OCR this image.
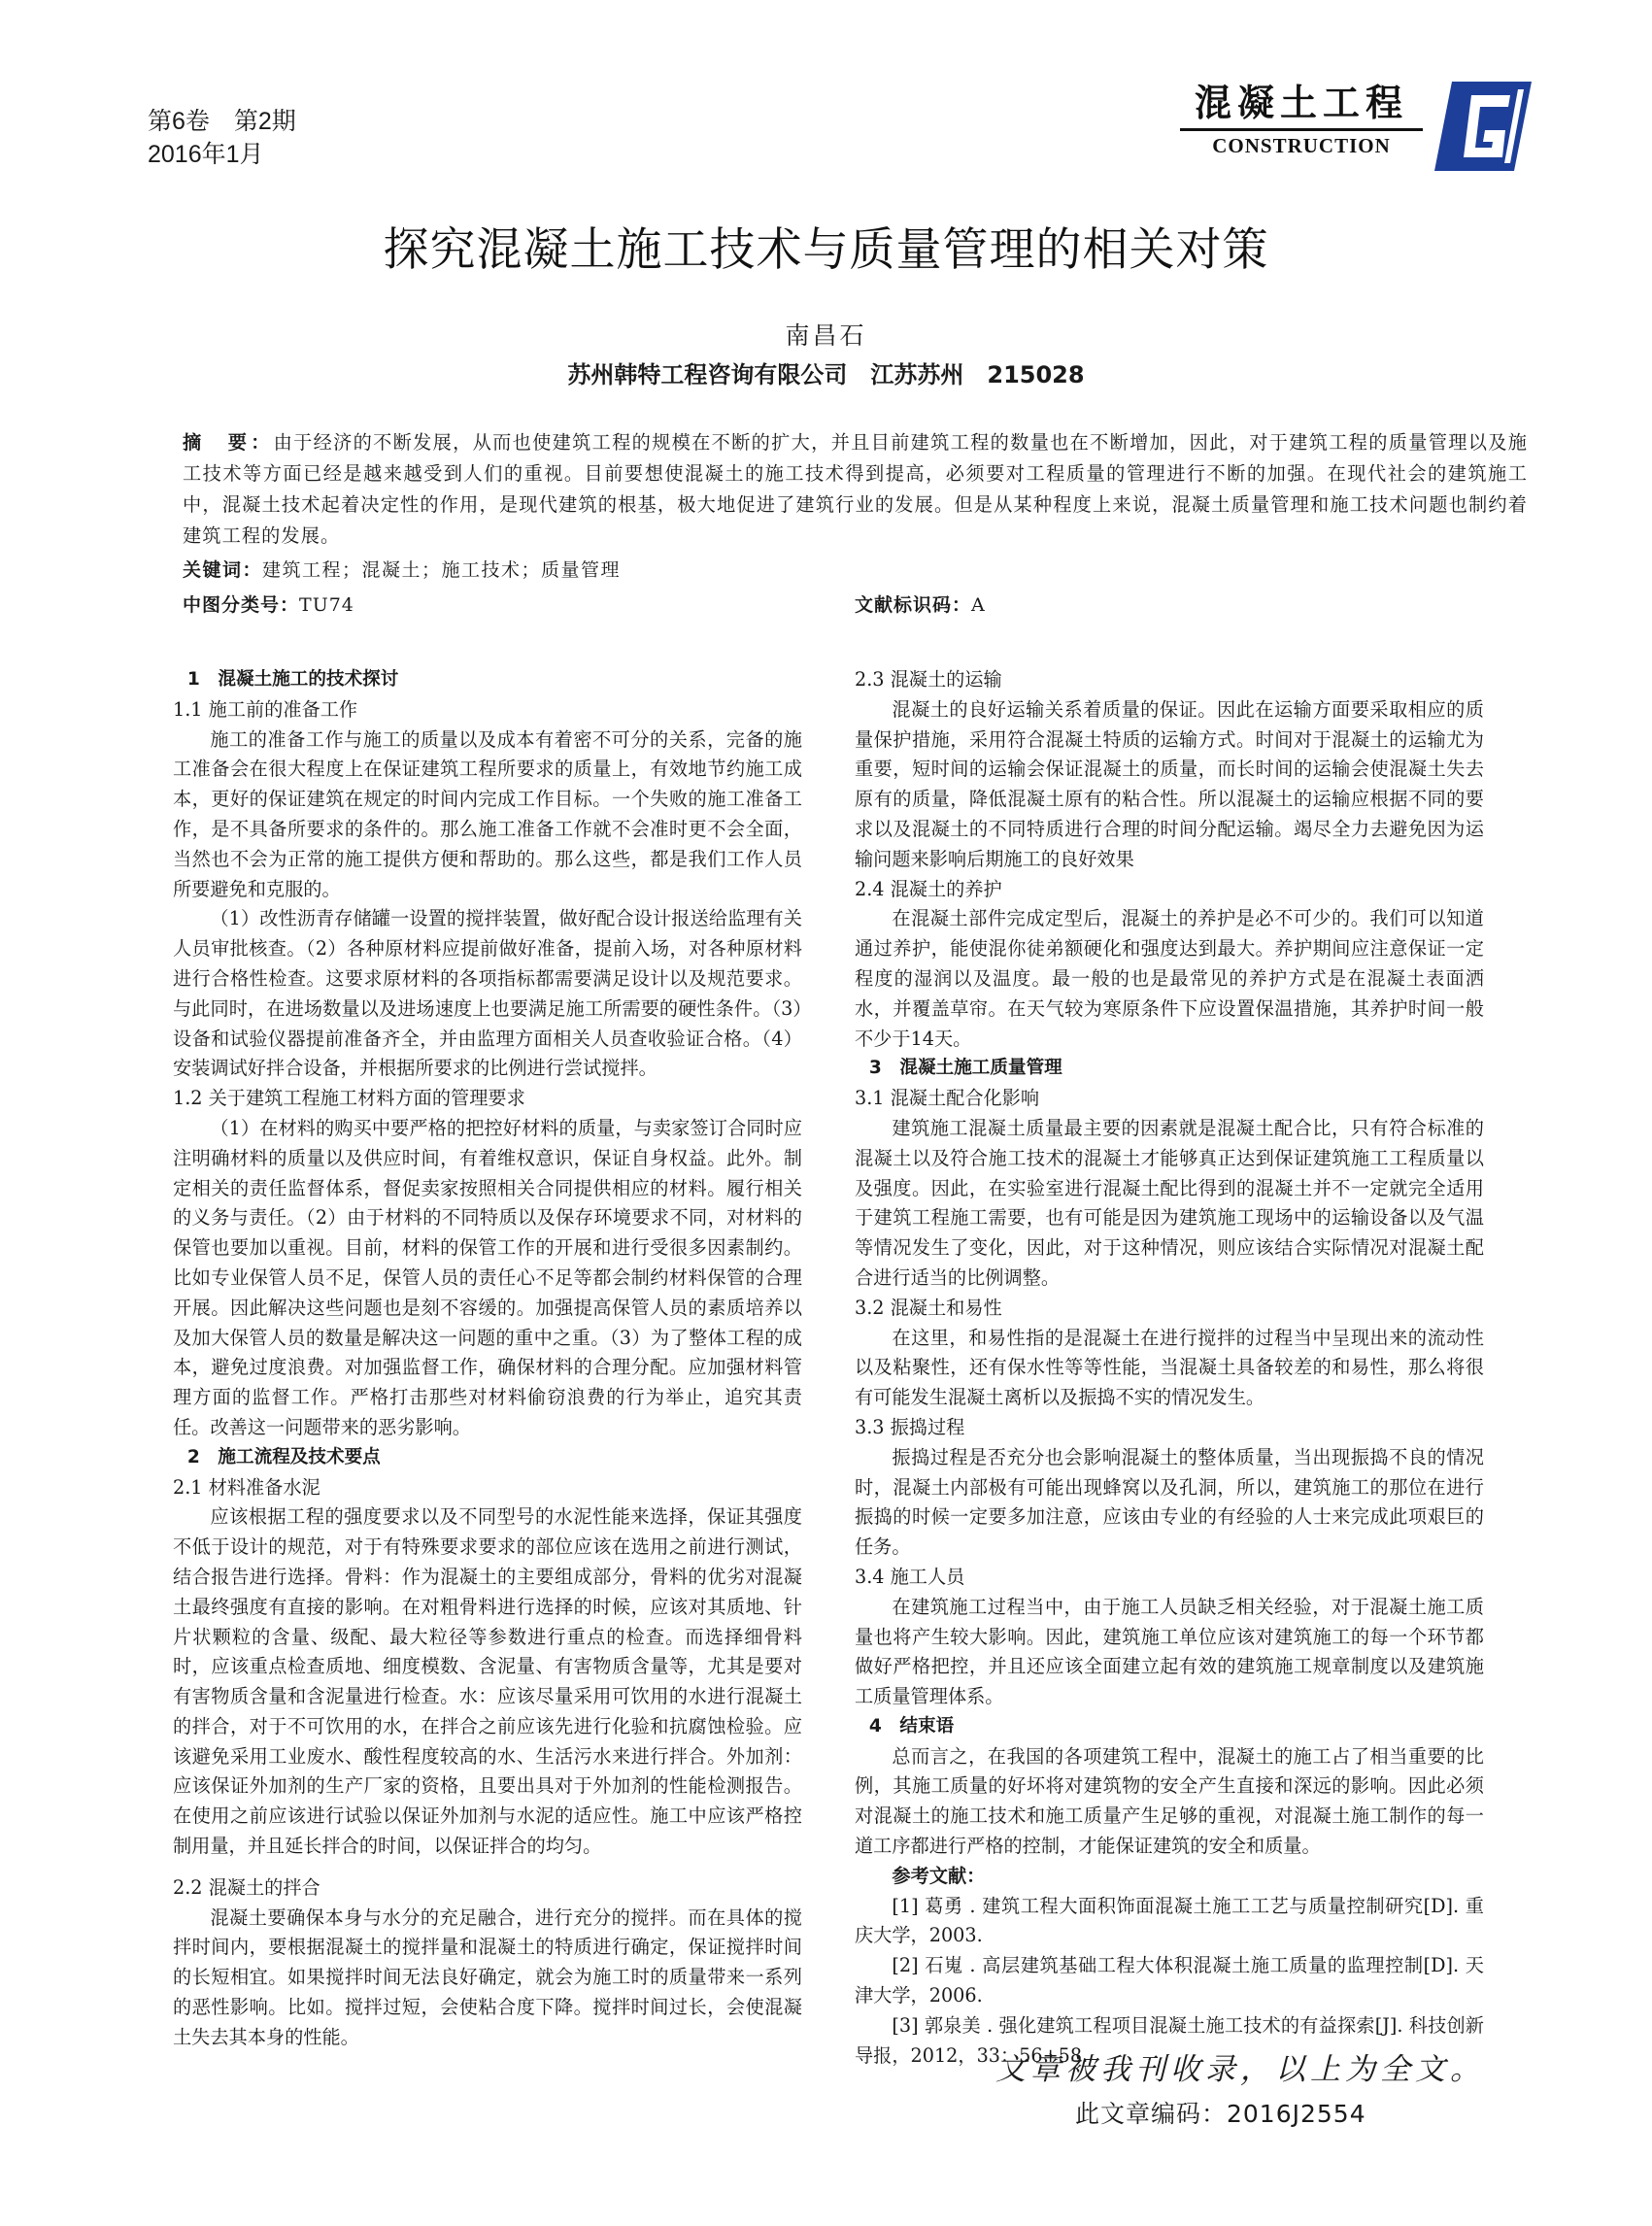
第6卷　第2期
2016年1月
混凝土工程
CONSTRUCTION
探究混凝土施工技术与质量管理的相关对策
南昌石
苏州韩特工程咨询有限公司　江苏苏州　215028
摘　要：由于经济的不断发展，从而也使建筑工程的规模在不断的扩大，并且目前建筑工程的数量也在不断增加，因此，对于建筑工程的质量管理以及施工技术等方面已经是越来越受到人们的重视。目前要想使混凝土的施工技术得到提高，必须要对工程质量的管理进行不断的加强。在现代社会的建筑施工中，混凝土技术起着决定性的作用，是现代建筑的根基，极大地促进了建筑行业的发展。但是从某种程度上来说，混凝土质量管理和施工技术问题也制约着建筑工程的发展。
关键词：建筑工程；混凝土；施工技术；质量管理
中图分类号：TU74	文献标识码：A
1　混凝土施工的技术探讨
1.1 施工前的准备工作

施工的准备工作与施工的质量以及成本有着密不可分的关系，完备的施工准备会在很大程度上在保证建筑工程所要求的质量上，有效地节约施工成本，更好的保证建筑在规定的时间内完成工作目标。一个失败的施工准备工作，是不具备所要求的条件的。那么施工准备工作就不会准时更不会全面，当然也不会为正常的施工提供方便和帮助的。那么这些，都是我们工作人员所要避免和克服的。

（1）改性沥青存储罐一设置的搅拌装置，做好配合设计报送给监理有关人员审批核查。（2）各种原材料应提前做好准备，提前入场，对各种原材料进行合格性检查。这要求原材料的各项指标都需要满足设计以及规范要求。与此同时，在进场数量以及进场速度上也要满足施工所需要的硬性条件。（3）设备和试验仪器提前准备齐全，并由监理方面相关人员查收验证合格。（4）安装调试好拌合设备，并根据所要求的比例进行尝试搅拌。

1.2 关于建筑工程施工材料方面的管理要求

（1）在材料的购买中要严格的把控好材料的质量，与卖家签订合同时应注明确材料的质量以及供应时间，有着维权意识，保证自身权益。此外。制定相关的责任监督体系，督促卖家按照相关合同提供相应的材料。履行相关的义务与责任。（2）由于材料的不同特质以及保存环境要求不同，对材料的保管也要加以重视。目前，材料的保管工作的开展和进行受很多因素制约。比如专业保管人员不足，保管人员的责任心不足等都会制约材料保管的合理开展。因此解决这些问题也是刻不容缓的。加强提高保管人员的素质培养以及加大保管人员的数量是解决这一问题的重中之重。（3）为了整体工程的成本，避免过度浪费。对加强监督工作，确保材料的合理分配。应加强材料管理方面的监督工作。严格打击那些对材料偷窃浪费的行为举止，追究其责任。改善这一问题带来的恶劣影响。

2　施工流程及技术要点
2.1 材料准备水泥

应该根据工程的强度要求以及不同型号的水泥性能来选择，保证其强度不低于设计的规范，对于有特殊要求要求的部位应该在选用之前进行测试，结合报告进行选择。骨料：作为混凝土的主要组成部分，骨料的优劣对混凝土最终强度有直接的影响。在对粗骨料进行选择的时候，应该对其质地、针片状颗粒的含量、级配、最大粒径等参数进行重点的检查。而选择细骨料时，应该重点检查质地、细度模数、含泥量、有害物质含量等，尤其是要对有害物质含量和含泥量进行检查。水：应该尽量采用可饮用的水进行混凝土的拌合，对于不可饮用的水，在拌合之前应该先进行化验和抗腐蚀检验。应该避免采用工业废水、酸性程度较高的水、生活污水来进行拌合。外加剂：应该保证外加剂的生产厂家的资格，且要出具对于外加剂的性能检测报告。在使用之前应该进行试验以保证外加剂与水泥的适应性。施工中应该严格控制用量，并且延长拌合的时间，以保证拌合的均匀。

2.2 混凝土的拌合

混凝土要确保本身与水分的充足融合，进行充分的搅拌。而在具体的搅拌时间内，要根据混凝土的搅拌量和混凝土的特质进行确定，保证搅拌时间的长短相宜。如果搅拌时间无法良好确定，就会为施工时的质量带来一系列的恶性影响。比如。搅拌过短，会使粘合度下降。搅拌时间过长，会使混凝土失去其本身的性能。

2.3 混凝土的运输

混凝土的良好运输关系着质量的保证。因此在运输方面要采取相应的质量保护措施，采用符合混凝土特质的运输方式。时间对于混凝土的运输尤为重要，短时间的运输会保证混凝土的质量，而长时间的运输会使混凝土失去原有的质量，降低混凝土原有的粘合性。所以混凝土的运输应根据不同的要求以及混凝土的不同特质进行合理的时间分配运输。竭尽全力去避免因为运输问题来影响后期施工的良好效果

2.4 混凝土的养护

在混凝土部件完成定型后，混凝土的养护是必不可少的。我们可以知道通过养护，能使混你徒弟额硬化和强度达到最大。养护期间应注意保证一定程度的湿润以及温度。最一般的也是最常见的养护方式是在混凝土表面洒水，并覆盖草帘。在天气较为寒原条件下应设置保温措施，其养护时间一般不少于14天。

3　混凝土施工质量管理
3.1 混凝土配合化影响

建筑施工混凝土质量最主要的因素就是混凝土配合比，只有符合标准的混凝土以及符合施工技术的混凝土才能够真正达到保证建筑施工工程质量以及强度。因此，在实验室进行混凝土配比得到的混凝土并不一定就完全适用于建筑工程施工需要，也有可能是因为建筑施工现场中的运输设备以及气温等情况发生了变化，因此，对于这种情况，则应该结合实际情况对混凝土配合进行适当的比例调整。

3.2 混凝土和易性

在这里，和易性指的是混凝土在进行搅拌的过程当中呈现出来的流动性以及粘聚性，还有保水性等等性能，当混凝土具备较差的和易性，那么将很有可能发生混凝土离析以及振捣不实的情况发生。

3.3 振捣过程

振捣过程是否充分也会影响混凝土的整体质量，当出现振捣不良的情况时，混凝土内部极有可能出现蜂窝以及孔洞，所以，建筑施工的那位在进行振捣的时候一定要多加注意，应该由专业的有经验的人士来完成此项艰巨的任务。

3.4 施工人员

在建筑施工过程当中，由于施工人员缺乏相关经验，对于混凝土施工质量也将产生较大影响。因此，建筑施工单位应该对建筑施工的每一个环节都做好严格把控，并且还应该全面建立起有效的建筑施工规章制度以及建筑施工质量管理体系。

4　结束语

总而言之，在我国的各项建筑工程中，混凝土的施工占了相当重要的比例，其施工质量的好坏将对建筑物的安全产生直接和深远的影响。因此必须对混凝土的施工技术和施工质量产生足够的重视，对混凝土施工制作的每一道工序都进行严格的控制，才能保证建筑的安全和质量。

参考文献：
[1] 葛勇 . 建筑工程大面积饰面混凝土施工工艺与质量控制研究[D]. 重庆大学，2003.
[2] 石嵬 . 高层建筑基础工程大体积混凝土施工质量的监理控制[D]. 天津大学，2006.
[3] 郭泉美 . 强化建筑工程项目混凝土施工技术的有益探索[J]. 科技创新导报，2012，33：56+58.
文章被我刊收录，以上为全文。
此文章编码：2016J2554
